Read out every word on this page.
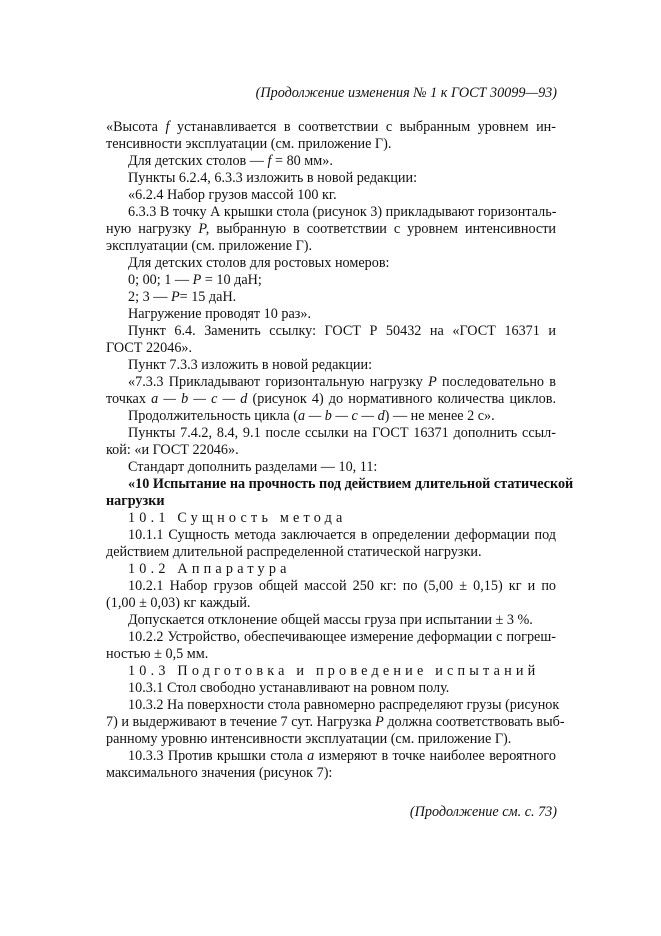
(Продолжение изменения № 1 к ГОСТ 30099—93)

«Высота f устанавливается в соответствии с выбранным уровнем ин-

тенсивности эксплуатации (см. приложение Г).

Для детских столов — f = 80 мм».

Пункты 6.2.4, 6.3.3 изложить в новой редакции:

«6.2.4 Набор грузов массой 100 кг.

6.3.3 В точку А крышки стола (рисунок 3) прикладывают горизонталь-

ную нагрузку Р, выбранную в соответствии с уровнем интенсивности

эксплуатации (см. приложение Г).

Для детских столов для ростовых номеров:

0; 00; 1 — Р = 10 даН;

2; 3 — Р= 15 даН.

Нагружение проводят 10 раз».

Пункт 6.4. Заменить ссылку: ГОСТ Р 50432 на «ГОСТ 16371 и

ГОСТ 22046».

Пункт 7.3.3 изложить в новой редакции:

«7.3.3 Прикладывают горизонтальную нагрузку Р последовательно в

точках а — b — с — d (рисунок 4) до нормативного количества циклов.

Продолжительность цикла (а — b — с — d) — не менее 2 с».

Пункты 7.4.2, 8.4, 9.1 после ссылки на ГОСТ 16371 дополнить ссыл-

кой: «и ГОСТ 22046».

Стандарт дополнить разделами — 10, 11:

«10 Испытание на прочность под действием длительной статической

нагрузки

10.1 Сущность метода

10.1.1 Сущность метода заключается в определении деформации под

действием длительной распределенной статической нагрузки.

10.2 Аппаратура

10.2.1 Набор грузов общей массой 250 кг: по (5,00 ± 0,15) кг и по

(1,00 ± 0,03) кг каждый.

Допускается отклонение общей массы груза при испытании ± 3 %.

10.2.2 Устройство, обеспечивающее измерение деформации с погреш-

ностью ± 0,5 мм.

10.3 Подготовка и проведение испытаний

10.3.1 Стол свободно устанавливают на ровном полу.

10.3.2 На поверхности стола равномерно распределяют грузы (рисунок

7) и выдерживают в течение 7 сут. Нагрузка Р должна соответствовать выб-

ранному уровню интенсивности эксплуатации (см. приложение Г).

10.3.3 Против крышки стола а измеряют в точке наиболее вероятного

максимального значения (рисунок 7):

(Продолжение см. с. 73)
